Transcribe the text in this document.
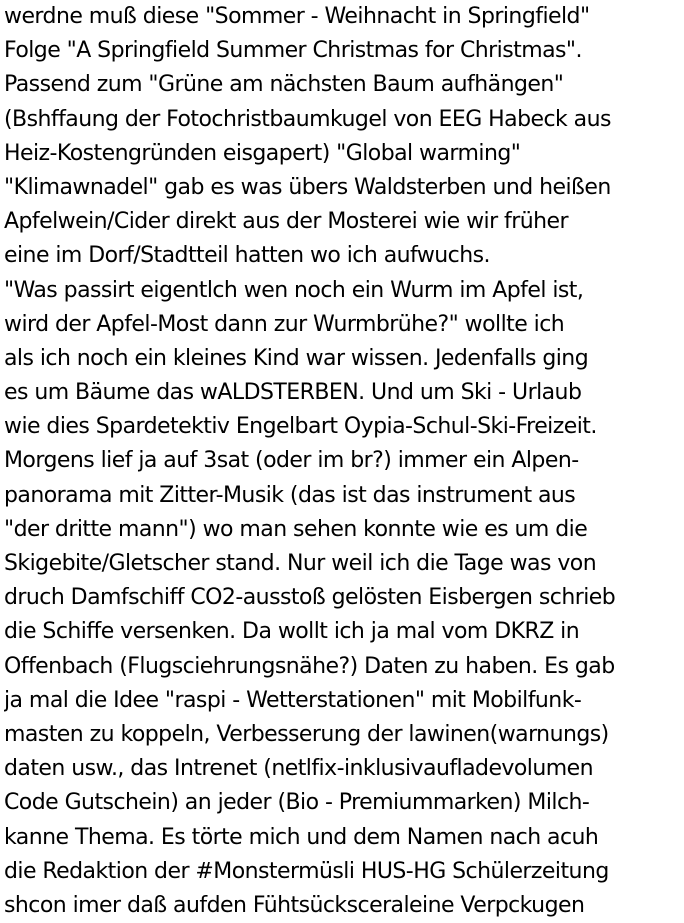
werdne muß diese "Sommer - Weihnacht in Springfield"
Folge "A Springfield Summer Christmas for Christmas".
Passend zum "Grüne am nächsten Baum aufhängen"
(Bshffaung der Fotochristbaumkugel von EEG Habeck aus
Heiz-Kostengründen eisgapert) "Global warming"
"Klimawnadel" gab es was übers Waldsterben und heißen
Apfelwein/Cider direkt aus der Mosterei wie wir früher
eine im Dorf/Stadtteil hatten wo ich aufwuchs.
"Was passirt eigentlch wen noch ein Wurm im Apfel ist,
wird der Apfel-Most dann zur Wurmbrühe?" wollte ich
als ich noch ein kleines Kind war wissen. Jedenfalls ging
es um Bäume das wALDSTERBEN. Und um Ski - Urlaub
wie dies Spardetektiv Engelbart Oypia-Schul-Ski-Freizeit.
Morgens lief ja auf 3sat (oder im br?) immer ein Alpen-
panorama mit Zitter-Musik (das ist das instrument aus
"der dritte mann") wo man sehen konnte wie es um die
Skigebite/Gletscher stand. Nur weil ich die Tage was von
druch Damfschiff CO2-ausstoß gelösten Eisbergen schrieb
die Schiffe versenken. Da wollt ich ja mal vom DKRZ in
Offenbach (Flugsciehrungsnähe?) Daten zu haben. Es gab
ja mal die Idee "raspi - Wetterstationen" mit Mobilfunk-
masten zu koppeln, Verbesserung der lawinen(warnungs)
daten usw., das Intrenet (netlfix-inklusivaufladevolumen
Code Gutschein) an jeder (Bio - Premiummarken) Milch-
kanne Thema. Es törte mich und dem Namen nach acuh
die Redaktion der #Monstermüsli HUS-HG Schülerzeitung
shcon imer daß aufden Fühtsücksceraleine Verpckugen
